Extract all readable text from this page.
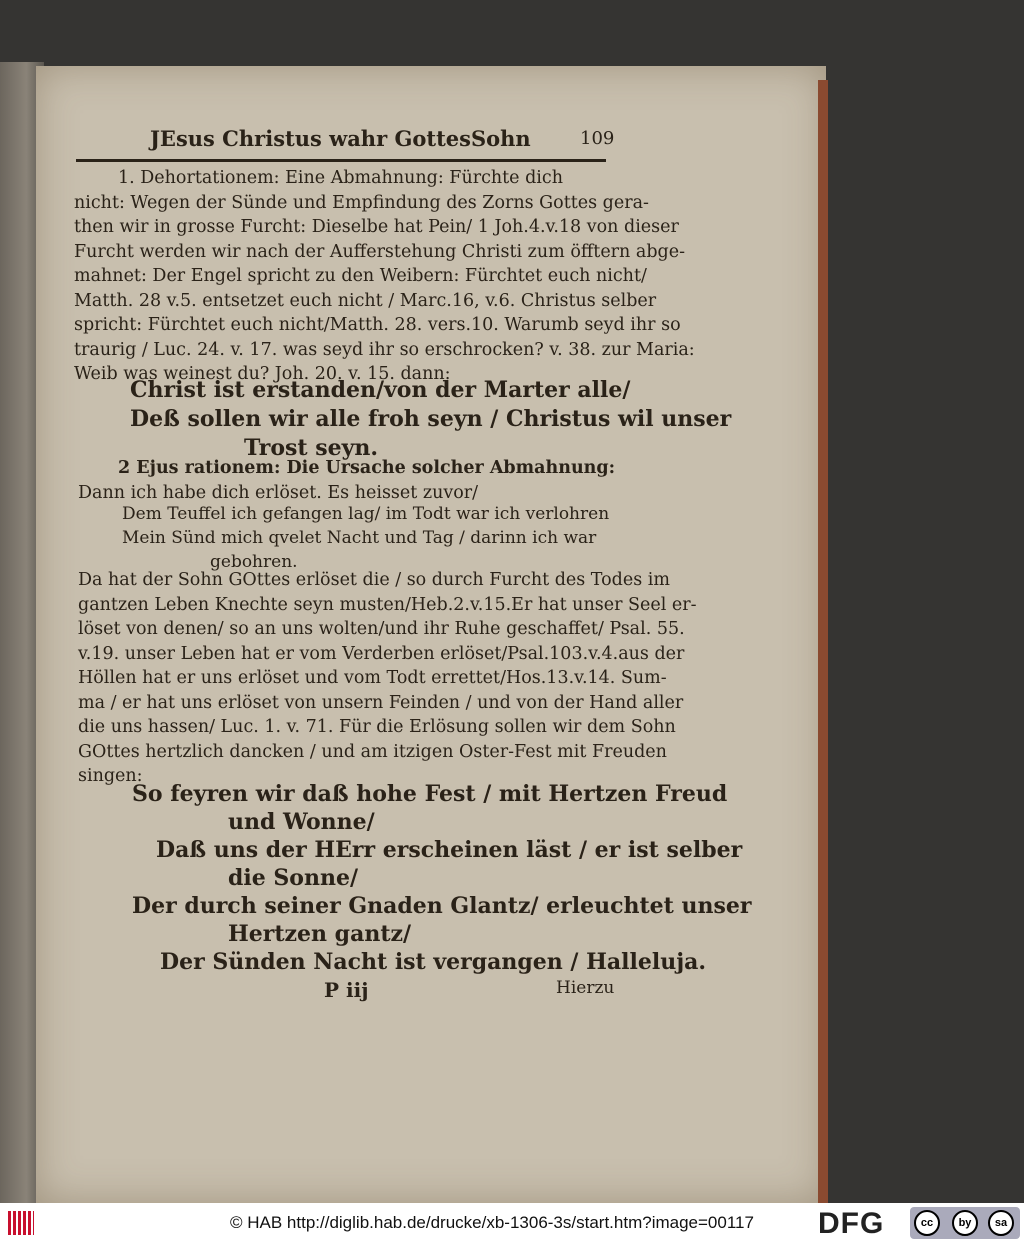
JEsus Christus wahr GottesSohn	109
1. Dehortationem: Eine Abmahnung: Fürchte dich
nicht: Wegen der Sünde und Empfindung des Zorns Gottes gera-
then wir in grosse Furcht: Dieselbe hat Pein/ 1 Joh.4.v.18 von dieser
Furcht werden wir nach der Aufferstehung Christi zum öfftern abge-
mahnet: Der Engel spricht zu den Weibern: Fürchtet euch nicht/
Matth. 28 v.5. entsetzet euch nicht / Marc.16, v.6. Christus selber
spricht: Fürchtet euch nicht/Matth. 28. vers.10. Warumb seyd ihr so
traurig / Luc. 24. v. 17. was seyd ihr so erschrocken? v. 38. zur Maria:
Weib was weinest du? Joh. 20. v. 15. dann:
Christ ist erstanden/von der Marter alle/
Deß sollen wir alle froh seyn / Christus wil unser
Trost seyn.
2 Ejus rationem: Die Ursache solcher Abmahnung:
Dann ich habe dich erlöset. Es heisset zuvor/
Dem Teuffel ich gefangen lag/ im Todt war ich verlohren
Mein Sünd mich qvelet Nacht und Tag / darinn ich war
gebohren.
Da hat der Sohn GOttes erlöset die / so durch Furcht des Todes im
gantzen Leben Knechte seyn musten/Heb.2.v.15.Er hat unser Seel er-
löset von denen/ so an uns wolten/und ihr Ruhe geschaffet/ Psal. 55.
v.19. unser Leben hat er vom Verderben erlöset/Psal.103.v.4.aus der
Höllen hat er uns erlöset und vom Todt errettet/Hos.13.v.14. Sum-
ma / er hat uns erlöset von unsern Feinden / und von der Hand aller
die uns hassen/ Luc. 1. v. 71. Für die Erlösung sollen wir dem Sohn
GOttes hertzlich dancken / und am itzigen Oster-Fest mit Freuden
singen:
So feyren wir daß hohe Fest / mit Hertzen Freud
und Wonne/
Daß uns der HErr erscheinen läst / er ist selber
die Sonne/
Der durch seiner Gnaden Glantz/ erleuchtet unser
Hertzen gantz/
Der Sünden Nacht ist vergangen / Halleluja.
P iij	Hierzu
© HAB http://diglib.hab.de/drucke/xb-1306-3s/start.htm?image=00117 DFG	cc	by	sa
